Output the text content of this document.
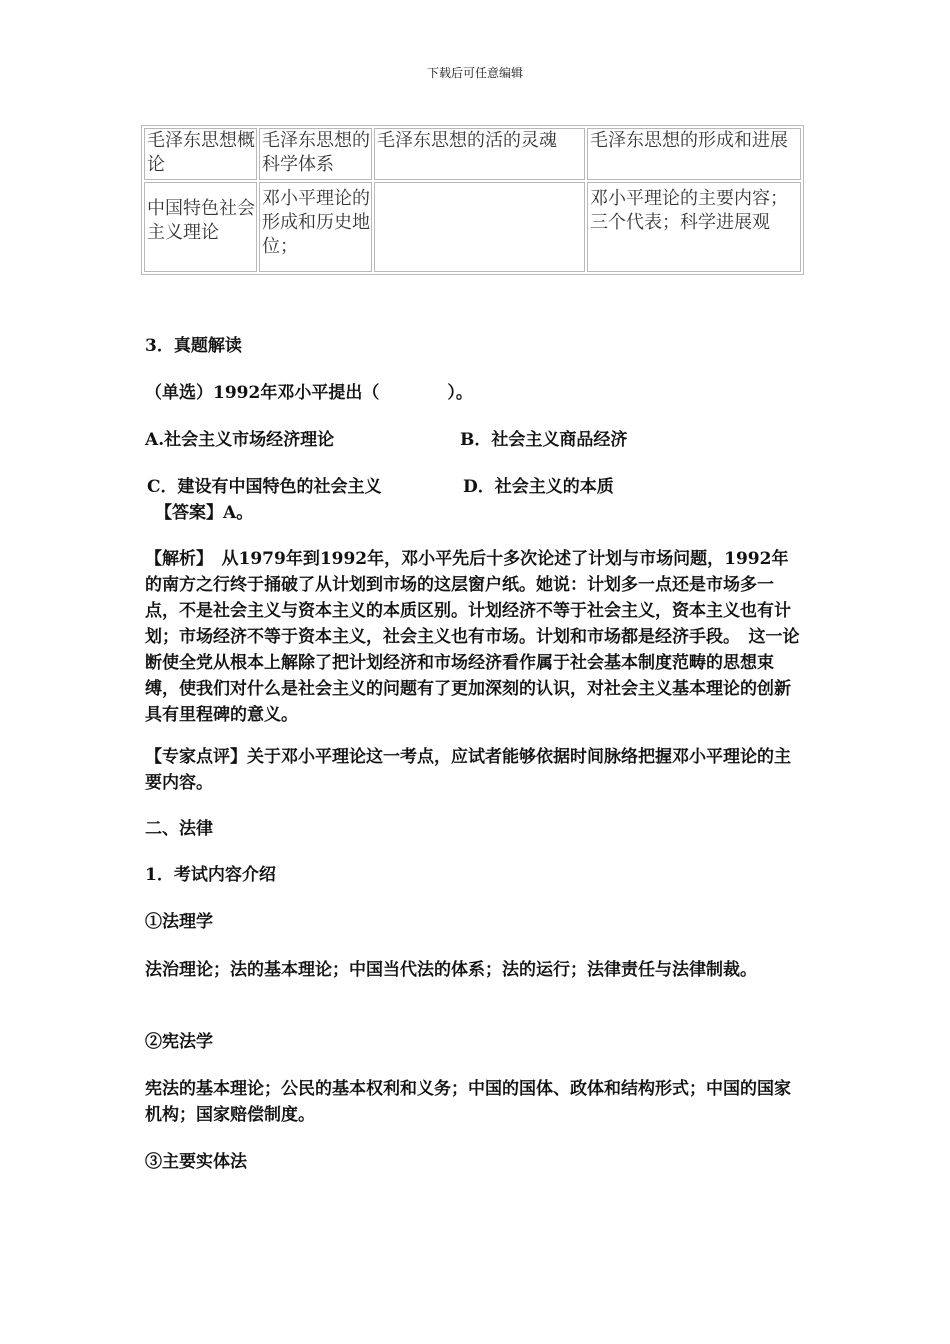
下载后可任意编辑
毛泽东思想概论	毛泽东思想的科学体系	毛泽东思想的活的灵魂	毛泽东思想的形成和进展
中国特色社会主义理论	邓小平理论的形成和历史地位；		邓小平理论的主要内容；三个代表；科学进展观
3．真题解读
（单选）1992年邓小平提出（　　　　）。
A.社会主义市场经济理论	B．社会主义商品经济
C．建设有中国特色的社会主义	D．社会主义的本质
【答案】A。
【解析】　从1979年到1992年，邓小平先后十多次论述了计划与市场问题，1992年的南方之行终于捅破了从计划到市场的这层窗户纸。她说：计划多一点还是市场多一点，不是社会主义与资本主义的本质区别。计划经济不等于社会主义，资本主义也有计划；市场经济不等于资本主义，社会主义也有市场。计划和市场都是经济手段。　这一论断使全党从根本上解除了把计划经济和市场经济看作属于社会基本制度范畴的思想束缚，使我们对什么是社会主义的问题有了更加深刻的认识，对社会主义基本理论的创新具有里程碑的意义。
【专家点评】关于邓小平理论这一考点，应试者能够依据时间脉络把握邓小平理论的主要内容。
二、法律
1．考试内容介绍
①法理学
法治理论；法的基本理论；中国当代法的体系；法的运行；法律责任与法律制裁。
②宪法学
宪法的基本理论；公民的基本权利和义务；中国的国体、政体和结构形式；中国的国家机构；国家赔偿制度。
③主要实体法
